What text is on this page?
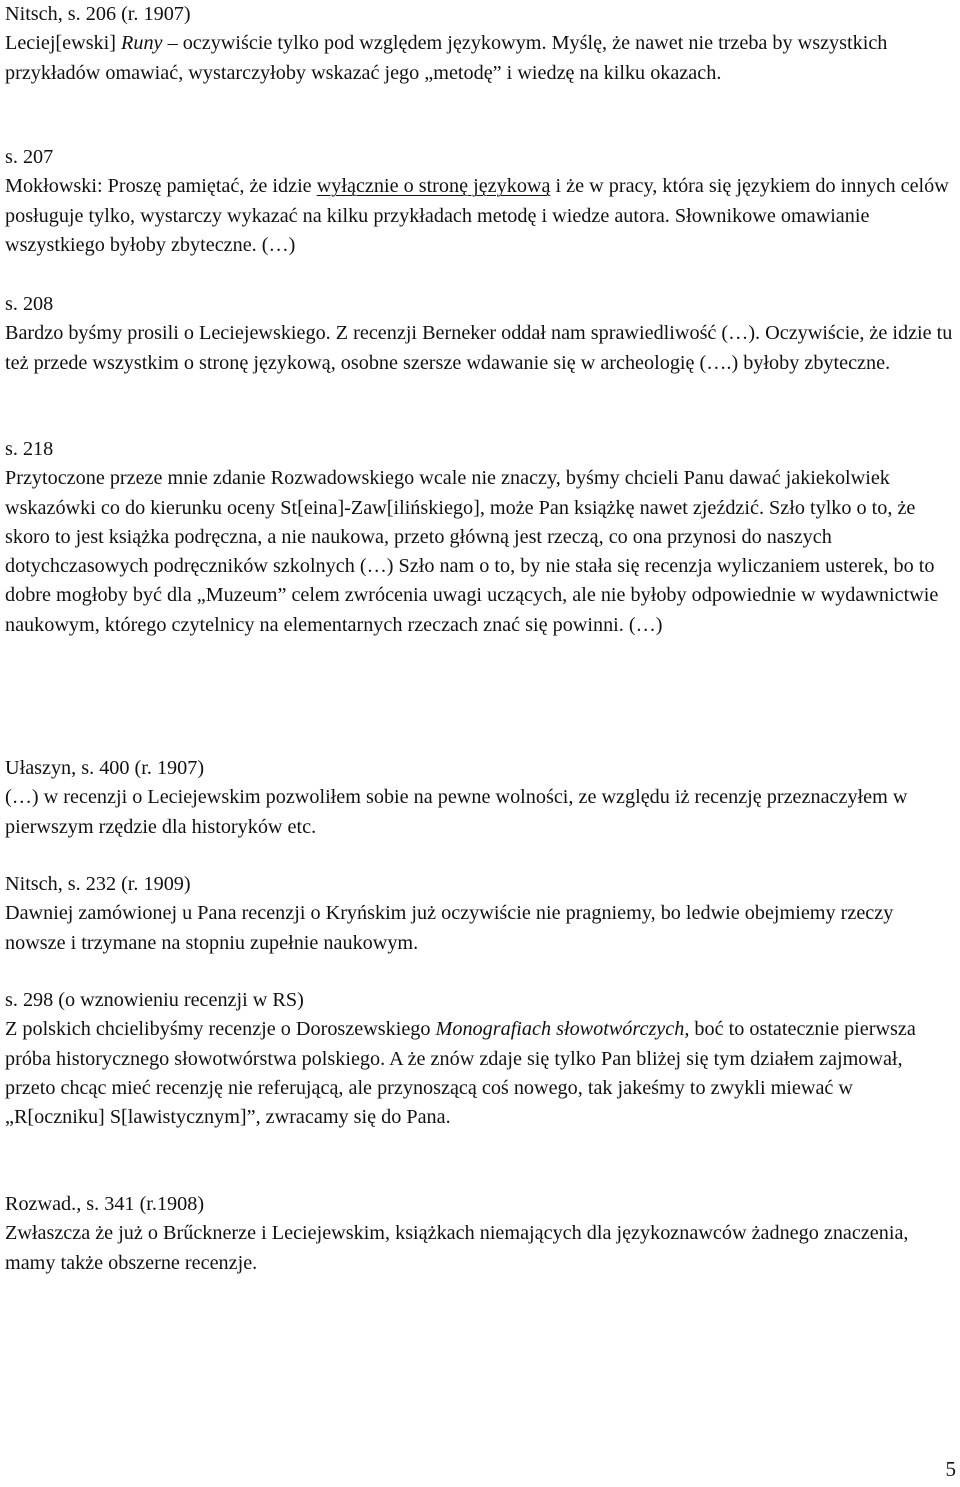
Nitsch, s. 206 (r. 1907)

Leciej[ewski] Runy – oczywiście tylko pod względem językowym. Myślę, że nawet nie trzeba by wszystkich przykładów omawiać, wystarczyłoby wskazać jego „metodę” i wiedzę na kilku okazach.

s. 207

Mokłowski: Proszę pamiętać, że idzie wyłącznie o stronę językową i że w pracy, która się językiem do innych celów posługuje tylko, wystarczy wykazać na kilku przykładach metodę i wiedze autora. Słownikowe omawianie wszystkiego byłoby zbyteczne. (…)

s. 208

Bardzo byśmy prosili o Leciejewskiego. Z recenzji Berneker oddał nam sprawiedliwość (…). Oczywiście, że idzie tu też przede wszystkim o stronę językową, osobne szersze wdawanie się w archeologię (….) byłoby zbyteczne.

s. 218

Przytoczone przeze mnie zdanie Rozwadowskiego wcale nie znaczy, byśmy chcieli Panu dawać jakiekolwiek wskazówki co do kierunku oceny St[eina]-Zaw[ilińskiego], może Pan książkę nawet zjeździć. Szło tylko o to, że skoro to jest książka podręczna, a nie naukowa, przeto główną jest rzeczą, co ona przynosi do naszych dotychczasowych podręczników szkolnych (…) Szło nam o to, by nie stała się recenzja wyliczaniem usterek, bo to dobre mogłoby być dla „Muzeum” celem zwrócenia uwagi uczących, ale nie byłoby odpowiednie w wydawnictwie naukowym, którego czytelnicy na elementarnych rzeczach znać się powinni. (…)

Ułaszyn, s. 400 (r. 1907)

(…) w recenzji o Leciejewskim pozwoliłem sobie na pewne wolności, ze względu iż recenzję przeznaczyłem w pierwszym rzędzie dla historyków etc.

Nitsch, s. 232 (r. 1909)

Dawniej zamówionej u Pana recenzji o Kryńskim już oczywiście nie pragniemy, bo ledwie obejmiemy rzeczy nowsze i trzymane na stopniu zupełnie naukowym.

s. 298 (o wznowieniu recenzji w RS)

Z polskich chcielibyśmy recenzje o Doroszewskiego Monografiach słowotwórczych, boć to ostatecznie pierwsza próba historycznego słowotwórstwa polskiego. A że znów zdaje się tylko Pan bliżej się tym działem zajmował, przeto chcąc mieć recenzję nie referującą, ale przynoszącą coś nowego, tak jakeśmy to zwykli miewać w „R[oczniku] S[lawistycznym]”, zwracamy się do Pana.

Rozwad., s. 341 (r.1908)

Zwłaszcza że już o Brűcknerze i Leciejewskim, książkach niemających dla językoznawców żadnego znaczenia, mamy także obszerne recenzje.

5
